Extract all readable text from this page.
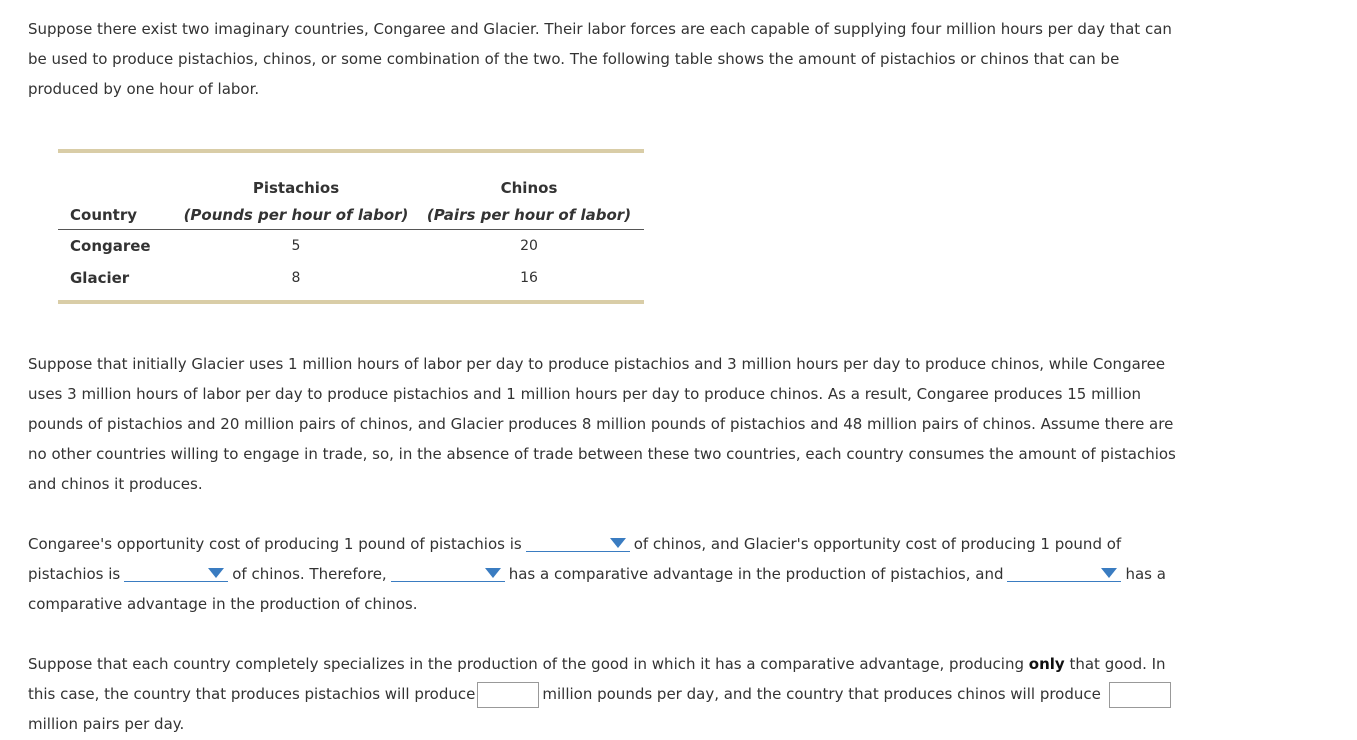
Suppose there exist two imaginary countries, Congaree and Glacier. Their labor forces are each capable of supplying four million hours per day that can be used to produce pistachios, chinos, or some combination of the two. The following table shows the amount of pistachios or chinos that can be produced by one hour of labor.

	Pistachios	Chinos
Country	(Pounds per hour of labor)	(Pairs per hour of labor)
Congaree	5	20
Glacier	8	16

Suppose that initially Glacier uses 1 million hours of labor per day to produce pistachios and 3 million hours per day to produce chinos, while Congaree uses 3 million hours of labor per day to produce pistachios and 1 million hours per day to produce chinos. As a result, Congaree produces 15 million pounds of pistachios and 20 million pairs of chinos, and Glacier produces 8 million pounds of pistachios and 48 million pairs of chinos. Assume there are no other countries willing to engage in trade, so, in the absence of trade between these two countries, each country consumes the amount of pistachios and chinos it produces.

Congaree's opportunity cost of producing 1 pound of pistachios is	of chinos, and Glacier's opportunity cost of producing 1 pound of pistachios is	of chinos. Therefore,	has a comparative advantage in the production of pistachios, and	has a comparative advantage in the production of chinos.

Suppose that each country completely specializes in the production of the good in which it has a comparative advantage, producing only that good. In this case, the country that produces pistachios will produce	million pounds per day, and the country that produces chinos will produce million pairs per day.
